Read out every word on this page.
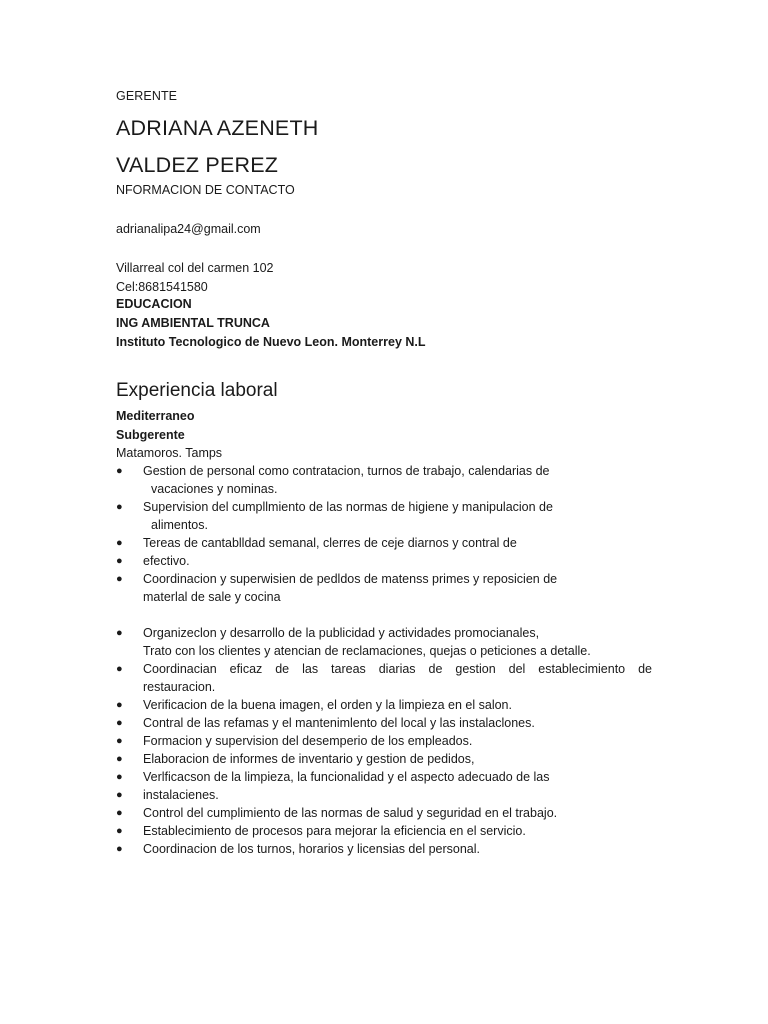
GERENTE

ADRIANA AZENETH
VALDEZ PEREZ

NFORMACION DE CONTACTO

adrianalipa24@gmail.com

Villarreal col del carmen 102

Cel:8681541580

EDUCACION

ING AMBIENTAL TRUNCA

Instituto Tecnologico de Nuevo Leon. Monterrey N.L

Experiencia laboral

Mediterraneo

Subgerente

Matamoros. Tamps

● Gestion de personal como contratacion, turnos de trabajo, calendarias de
vacaciones y nominas.
● Supervision del cumpllmiento de las normas de higiene y manipulacion de
alimentos.
● Tereas de cantablldad semanal, clerres de ceje diarnos y contral de
● efectivo.
● Coordinacion y superwisien de pedldos de matenss primes y reposicien de
materlal de sale y cocina
● Organizeclon y desarrollo de la publicidad y actividades promocianales,
Trato con los clientes y atencian de reclamaciones, quejas o peticiones a detalle.
● Coordinacian eficaz de las tareas diarias de gestion del establecimiento de
restauracion.
● Verificacion de la buena imagen, el orden y la limpieza en el salon.
● Contral de las refamas y el mantenimlento del local y las instalaclones.
● Formacion y supervision del desemperio de los empleados.
● Elaboracion de informes de inventario y gestion de pedidos,
● Verlficacson de la limpieza, la funcionalidad y el aspecto adecuado de las
● instalacienes.
● Control del cumplimiento de las normas de salud y seguridad en el trabajo.
● Establecimiento de procesos para mejorar la eficiencia en el servicio.
● Coordinacion de los turnos, horarios y licensias del personal.
